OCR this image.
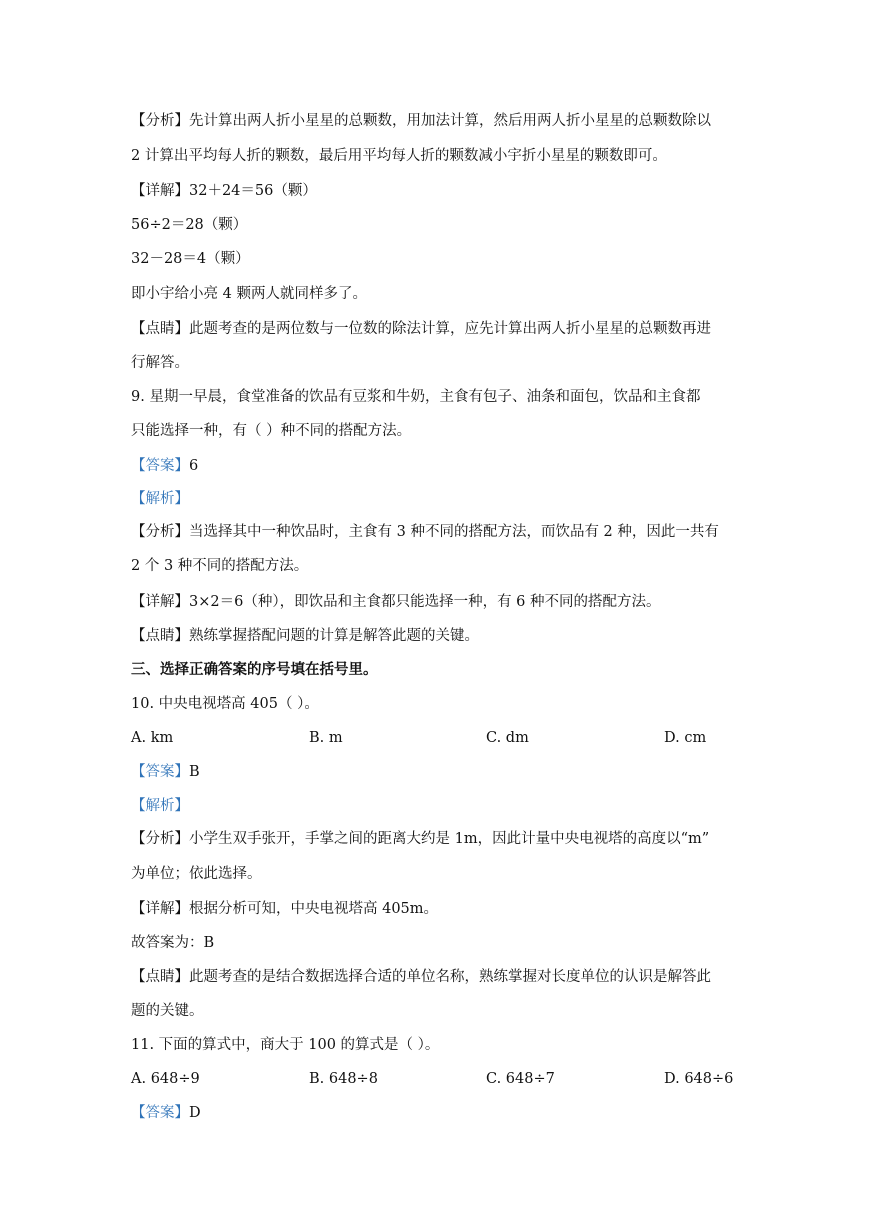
【分析】先计算出两人折小星星的总颗数，用加法计算，然后用两人折小星星的总颗数除以
2 计算出平均每人折的颗数，最后用平均每人折的颗数减小宇折小星星的颗数即可。
【详解】32＋24＝56（颗）
56÷2＝28（颗）
32－28＝4（颗）
即小宇给小亮 4 颗两人就同样多了。
【点睛】此题考查的是两位数与一位数的除法计算，应先计算出两人折小星星的总颗数再进
行解答。
9. 星期一早晨，食堂准备的饮品有豆浆和牛奶，主食有包子、油条和面包，饮品和主食都
只能选择一种，有（ ）种不同的搭配方法。
【答案】6
【解析】
【分析】当选择其中一种饮品时，主食有 3 种不同的搭配方法，而饮品有 2 种，因此一共有
2 个 3 种不同的搭配方法。
【详解】3×2＝6（种），即饮品和主食都只能选择一种，有 6 种不同的搭配方法。
【点睛】熟练掌握搭配问题的计算是解答此题的关键。
三、选择正确答案的序号填在括号里。
10. 中央电视塔高 405（ ）。
A. km	B. m	C. dm	D. cm
【答案】B
【解析】
【分析】小学生双手张开，手掌之间的距离大约是 1m，因此计量中央电视塔的高度以“m”
为单位；依此选择。
【详解】根据分析可知，中央电视塔高 405m。
故答案为：B
【点睛】此题考查的是结合数据选择合适的单位名称，熟练掌握对长度单位的认识是解答此
题的关键。
11. 下面的算式中，商大于 100 的算式是（ ）。
A. 648÷9	B. 648÷8	C. 648÷7	D. 648÷6
【答案】D
